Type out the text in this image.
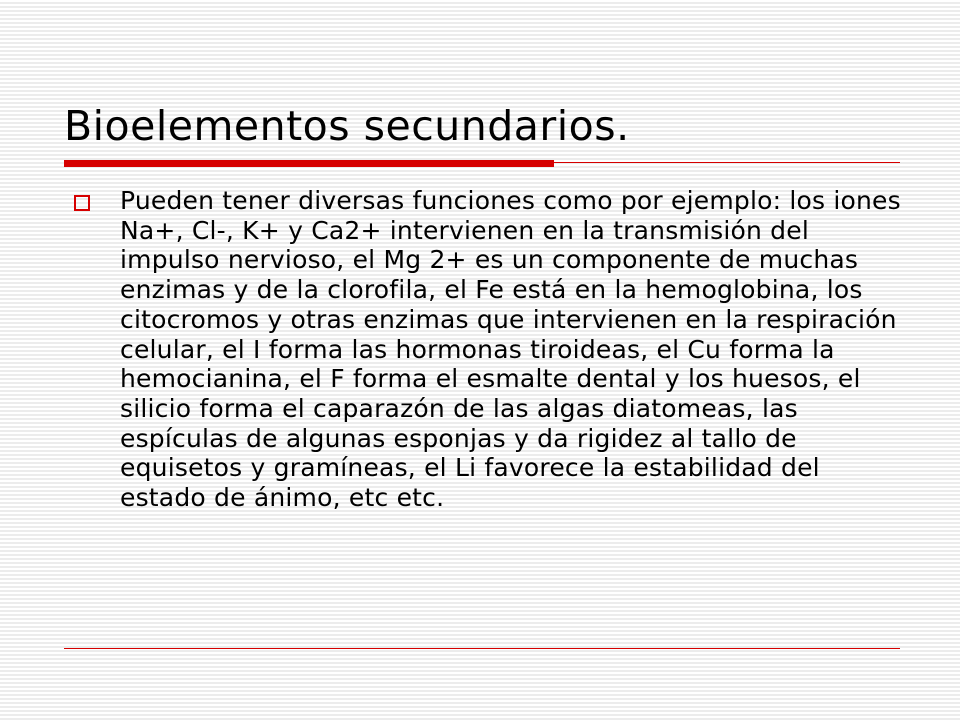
Bioelementos secundarios.
Pueden tener diversas funciones como por ejemplo: los iones Na+, Cl-, K+ y Ca2+ intervienen en la transmisión del impulso nervioso, el Mg 2+ es un componente de muchas enzimas y de la clorofila, el Fe está en la hemoglobina, los citocromos y otras enzimas que intervienen en la respiración celular, el I forma las hormonas tiroideas, el Cu forma la hemocianina, el F forma el esmalte dental y los huesos, el silicio forma el caparazón de las algas diatomeas, las espículas de algunas esponjas y da rigidez al tallo de equisetos y gramíneas, el Li favorece la estabilidad del estado de ánimo, etc etc.
